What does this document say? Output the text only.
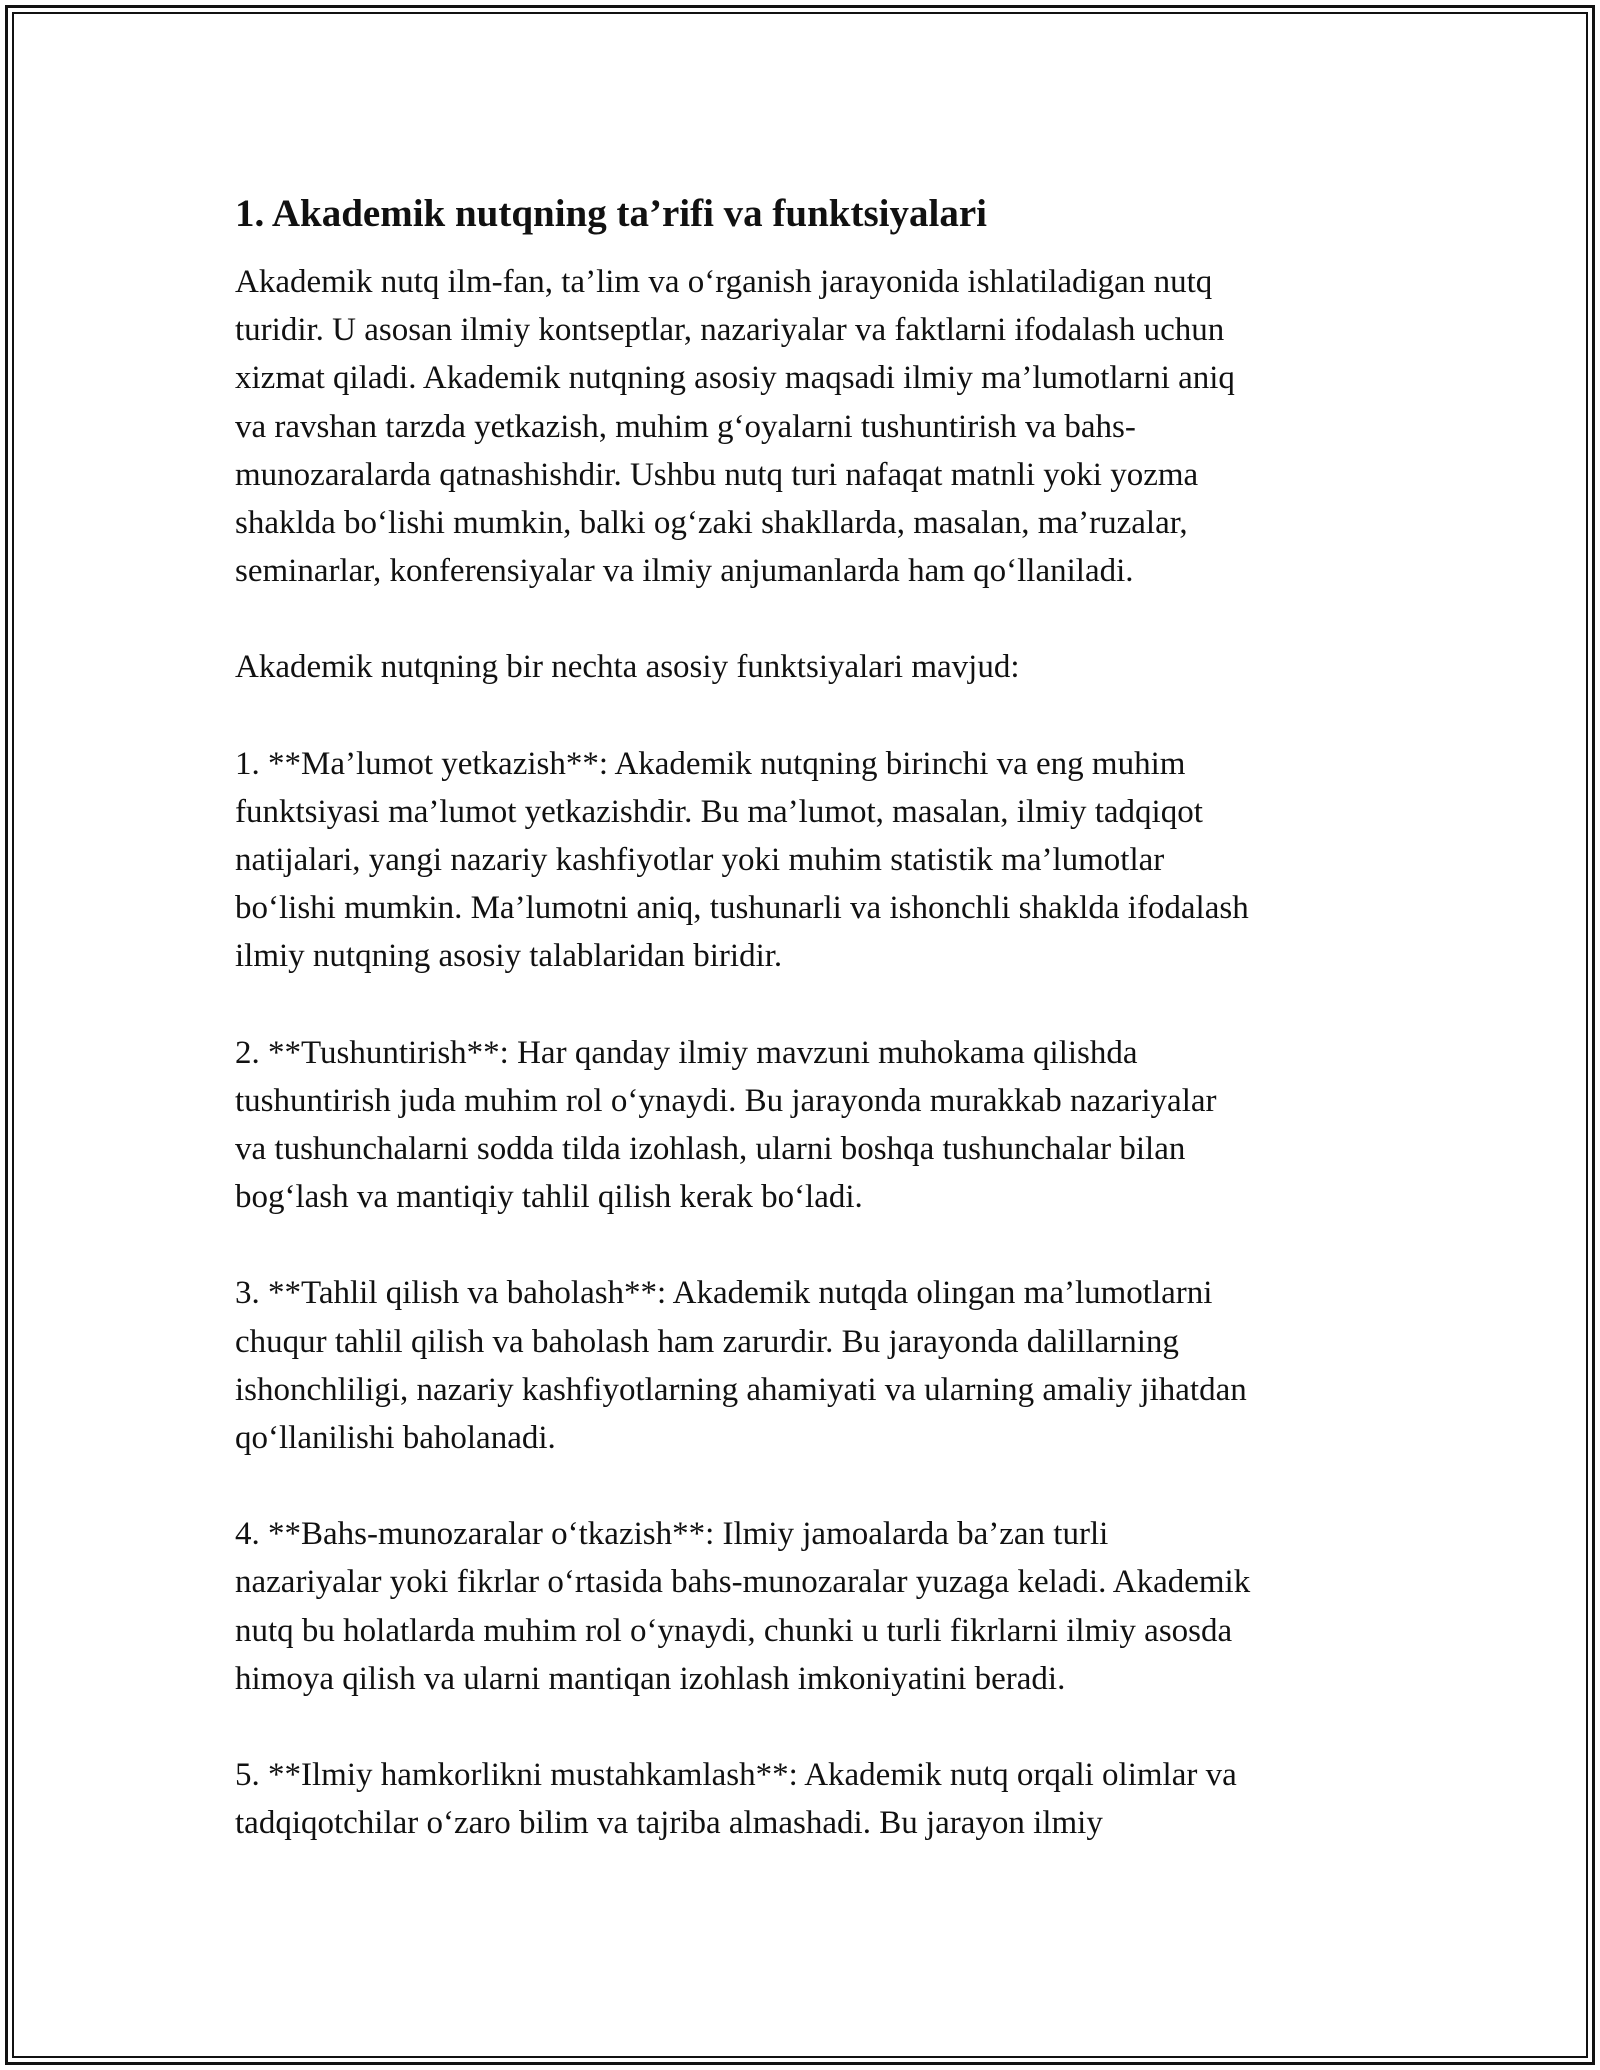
1. Akademik nutqning ta’rifi va funktsiyalari
Akademik nutq ilm-fan, ta’lim va o‘rganish jarayonida ishlatiladigan nutq
turidir. U asosan ilmiy kontseptlar, nazariyalar va faktlarni ifodalash uchun
xizmat qiladi. Akademik nutqning asosiy maqsadi ilmiy ma’lumotlarni aniq
va ravshan tarzda yetkazish, muhim g‘oyalarni tushuntirish va bahs-
munozaralarda qatnashishdir. Ushbu nutq turi nafaqat matnli yoki yozma
shaklda bo‘lishi mumkin, balki og‘zaki shakllarda, masalan, ma’ruzalar,
seminarlar, konferensiyalar va ilmiy anjumanlarda ham qo‘llaniladi.
Akademik nutqning bir nechta asosiy funktsiyalari mavjud:
1. **Ma’lumot yetkazish**: Akademik nutqning birinchi va eng muhim
funktsiyasi ma’lumot yetkazishdir. Bu ma’lumot, masalan, ilmiy tadqiqot
natijalari, yangi nazariy kashfiyotlar yoki muhim statistik ma’lumotlar
bo‘lishi mumkin. Ma’lumotni aniq, tushunarli va ishonchli shaklda ifodalash
ilmiy nutqning asosiy talablaridan biridir.
2. **Tushuntirish**: Har qanday ilmiy mavzuni muhokama qilishda
tushuntirish juda muhim rol o‘ynaydi. Bu jarayonda murakkab nazariyalar
va tushunchalarni sodda tilda izohlash, ularni boshqa tushunchalar bilan
bog‘lash va mantiqiy tahlil qilish kerak bo‘ladi.
3. **Tahlil qilish va baholash**: Akademik nutqda olingan ma’lumotlarni
chuqur tahlil qilish va baholash ham zarurdir. Bu jarayonda dalillarning
ishonchliligi, nazariy kashfiyotlarning ahamiyati va ularning amaliy jihatdan
qo‘llanilishi baholanadi.
4. **Bahs-munozaralar o‘tkazish**: Ilmiy jamoalarda ba’zan turli
nazariyalar yoki fikrlar o‘rtasida bahs-munozaralar yuzaga keladi. Akademik
nutq bu holatlarda muhim rol o‘ynaydi, chunki u turli fikrlarni ilmiy asosda
himoya qilish va ularni mantiqan izohlash imkoniyatini beradi.
5. **Ilmiy hamkorlikni mustahkamlash**: Akademik nutq orqali olimlar va
tadqiqotchilar o‘zaro bilim va tajriba almashadi. Bu jarayon ilmiy
